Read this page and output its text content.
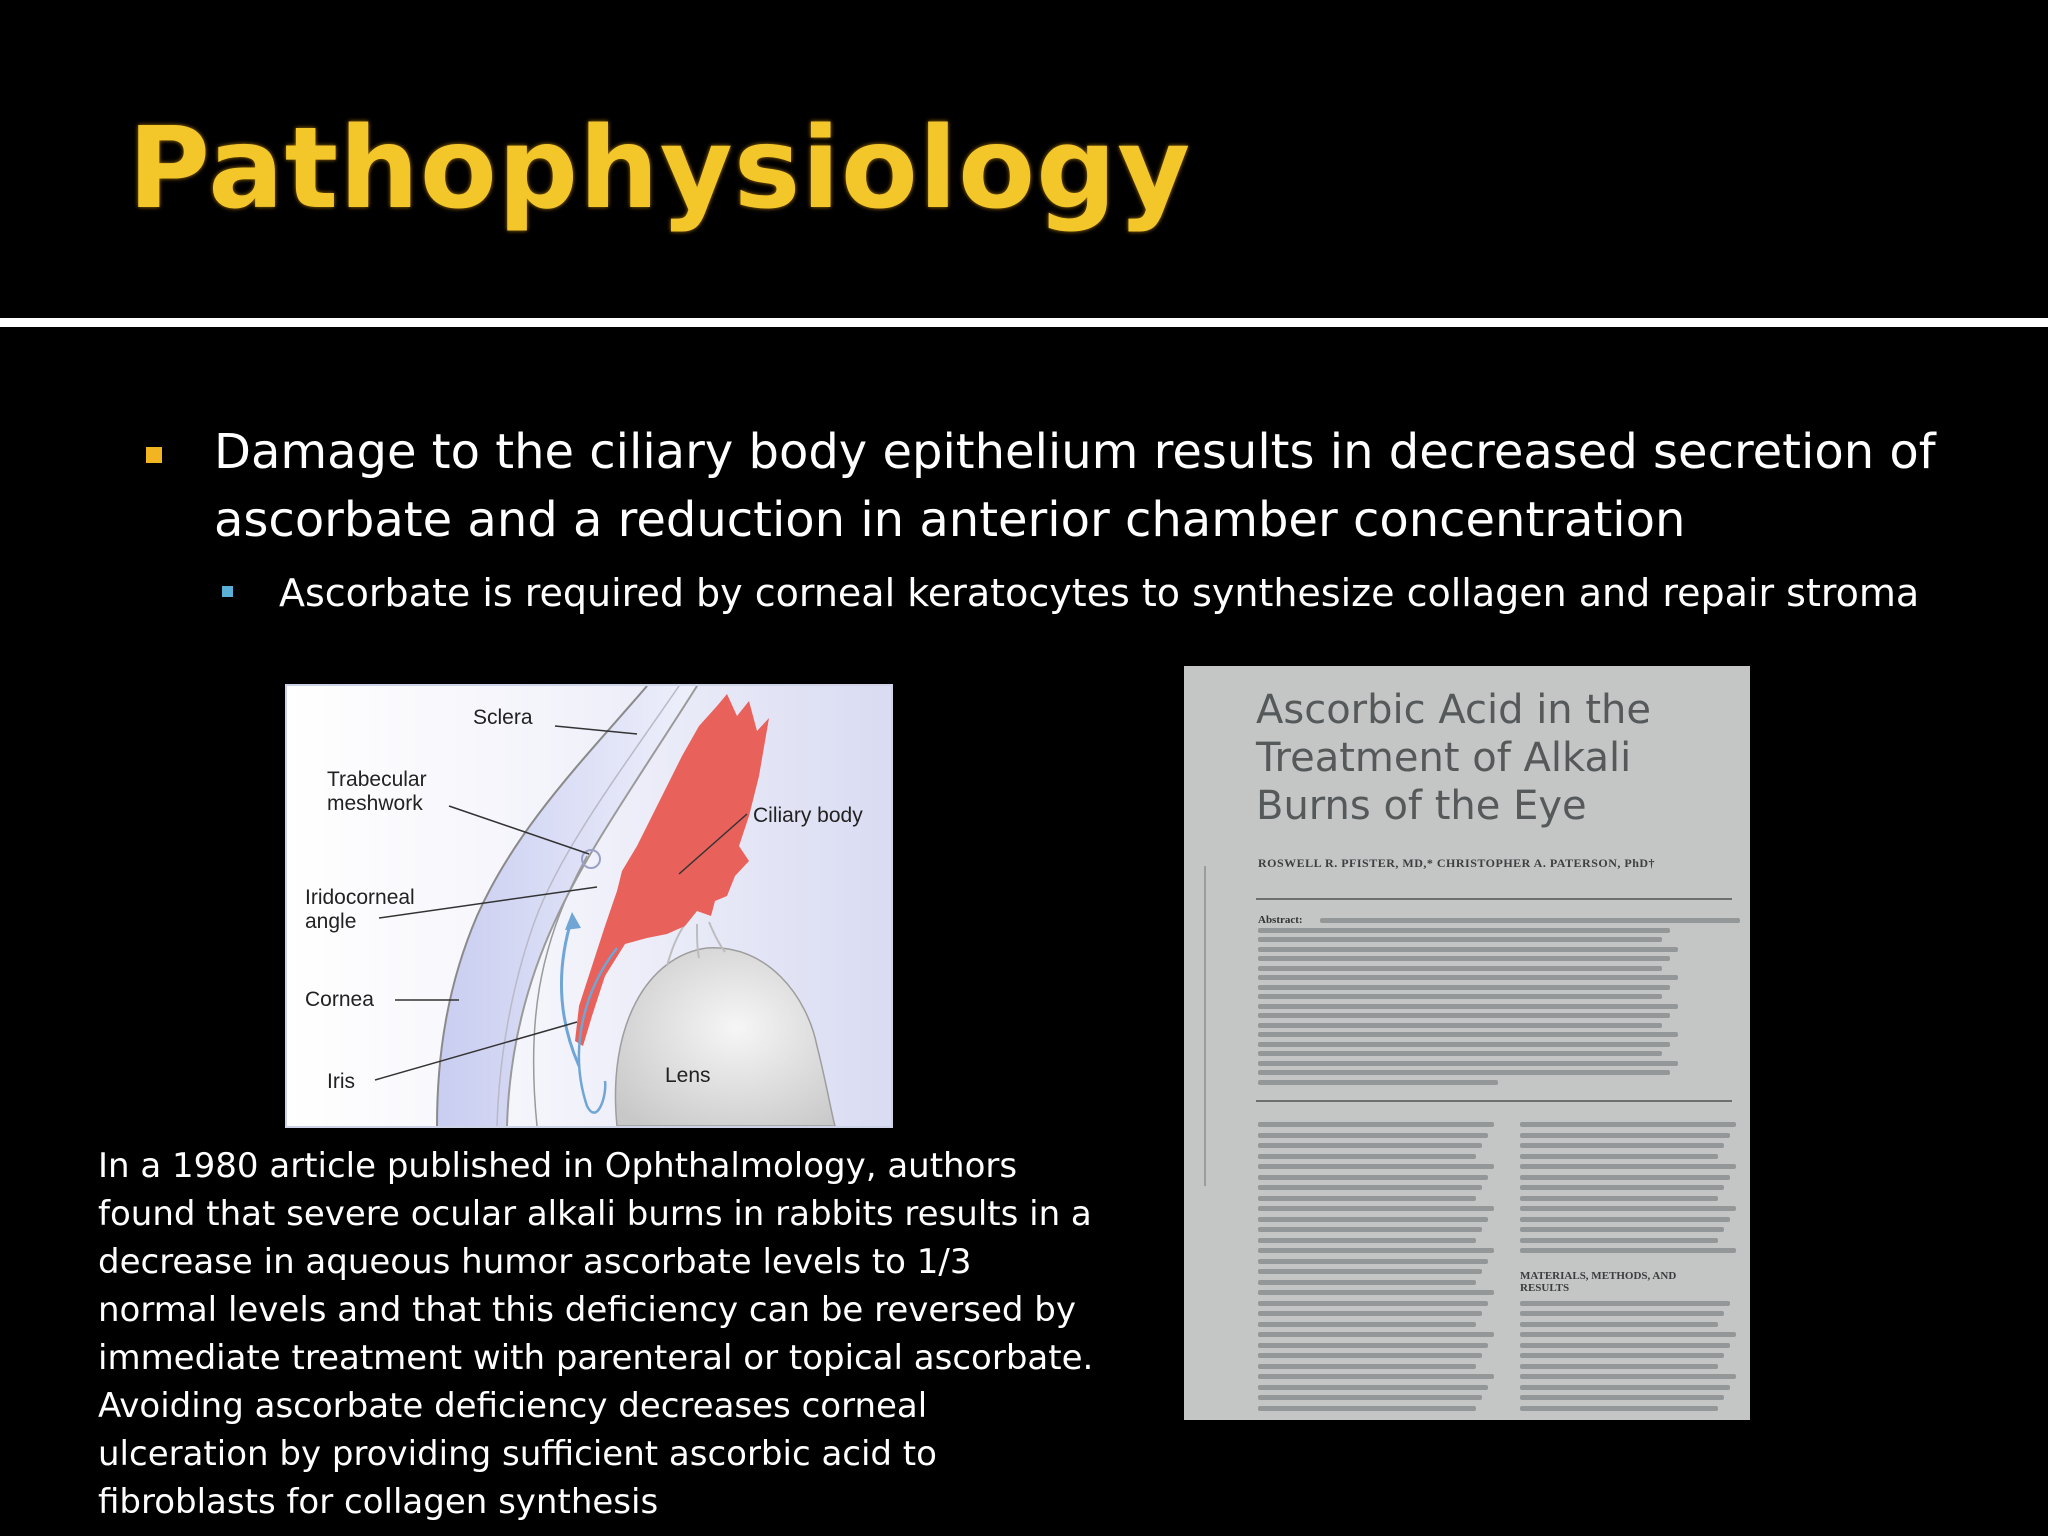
Pathophysiology
Damage to the ciliary body epithelium results in decreased secretion of ascorbate and a reduction in anterior chamber concentration
Ascorbate is required by corneal keratocytes to synthesize collagen and repair stroma
Sclera
Trabecular
meshwork
Ciliary body
Iridocorneal
angle
Cornea
Iris	Lens

In a 1980 article published in Ophthalmology, authors found that severe ocular alkali burns in rabbits results in a decrease in aqueous humor ascorbate levels to 1/3 normal levels and that this deficiency can be reversed by immediate treatment with parenteral or topical ascorbate. Avoiding ascorbate deficiency decreases corneal ulceration by providing sufficient ascorbic acid to fibroblasts for collagen synthesis

Ascorbic Acid in the Treatment of Alkali Burns of the Eye
ROSWELL R. PFISTER, MD,* CHRISTOPHER A. PATERSON, PhD†
Abstract:
MATERIALS, METHODS, AND RESULTS
